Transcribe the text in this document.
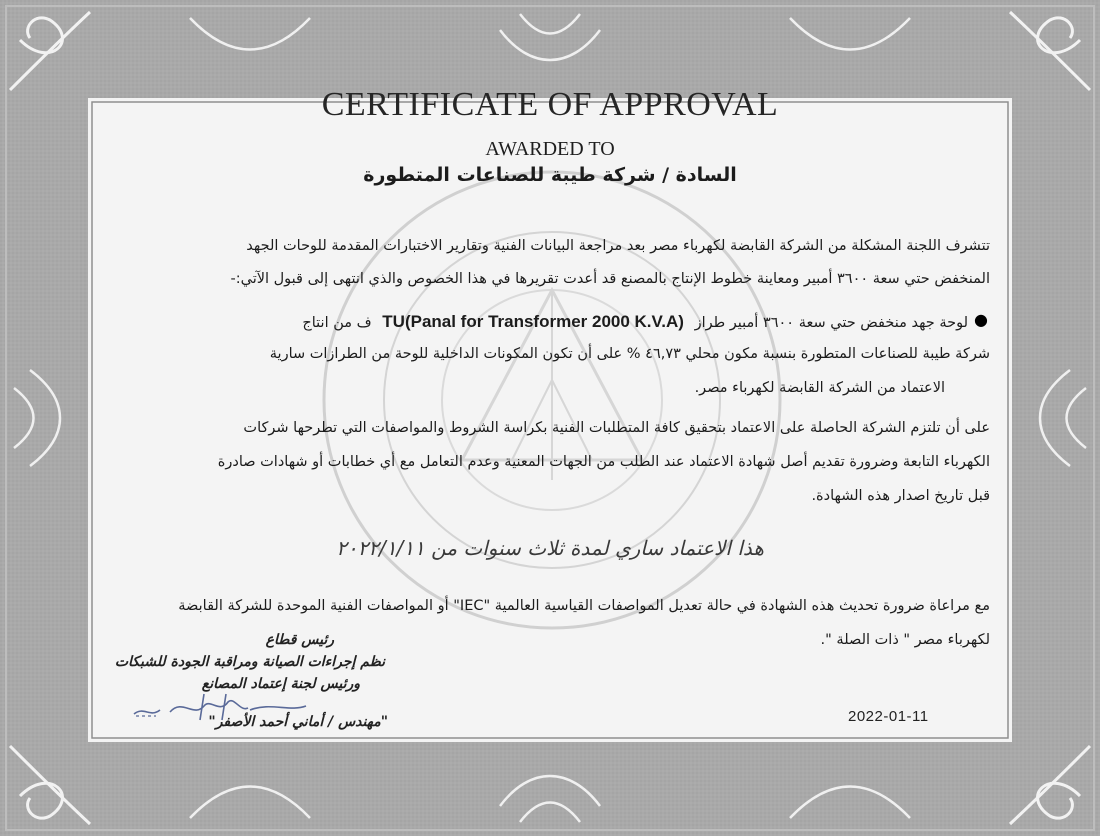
CERTIFICATE OF APPROVAL
AWARDED TO
السادة / شركة طيبة للصناعات المتطورة
تتشرف اللجنة المشكلة من الشركة القابضة لكهرباء مصر بعد مراجعة البيانات الفنية وتقارير الاختبارات المقدمة للوحات الجهد
المنخفض حتي سعة ٣٦٠٠ أمبير ومعاينة خطوط الإنتاج بالمصنع قد أعدت تقريرها في هذا الخصوص والذي انتهى إلى قبول الآتي:-
●
لوحة جهد منخفض حتي سعة ٣٦٠٠ أمبير طراز TU(Panal for Transformer 2000 K.V.A) ف من انتاج
شركة طيبة للصناعات المتطورة بنسبة مكون محلي ٤٦,٧٣ % على أن تكون المكونات الداخلية للوحة من الطرازات سارية
الاعتماد من الشركة القابضة لكهرباء مصر.
على أن تلتزم الشركة الحاصلة على الاعتماد بتحقيق كافة المتطلبات الفنية بكراسة الشروط والمواصفات التي تطرحها شركات
الكهرباء التابعة وضرورة تقديم أصل شهادة الاعتماد عند الطلب من الجهات المعنية وعدم التعامل مع أي خطابات أو شهادات صادرة
قبل تاريخ اصدار هذه الشهادة.
هذا الاعتماد ساري لمدة ثلاث سنوات من ٢٠٢٢/١/١١
مع مراعاة ضرورة تحديث هذه الشهادة في حالة تعديل المواصفات القياسية العالمية "IEC" أو المواصفات الفنية الموحدة للشركة القابضة
لكهرباء مصر " ذات الصلة ".
رئيس قطاع
نظم إجراءات الصيانة ومراقبة الجودة للشبكات
ورئيس لجنة إعتماد المصانع
"مهندس / أماني أحمد الأصفر"	2022-01-11
